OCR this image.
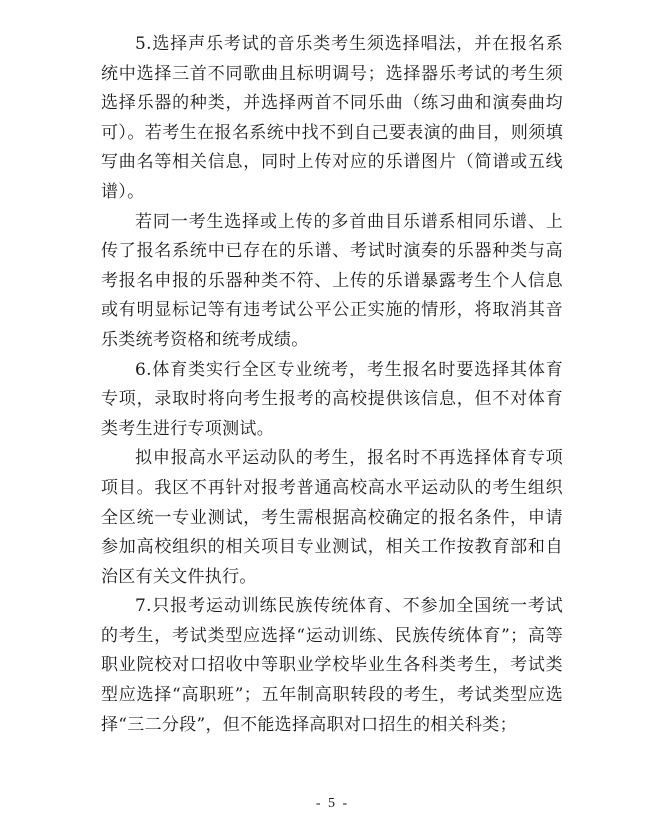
5.选择声乐考试的音乐类考生须选择唱法，并在报名系统中选择三首不同歌曲且标明调号；选择器乐考试的考生须选择乐器的种类，并选择两首不同乐曲（练习曲和演奏曲均可）。若考生在报名系统中找不到自己要表演的曲目，则须填写曲名等相关信息，同时上传对应的乐谱图片（简谱或五线谱）。

若同一考生选择或上传的多首曲目乐谱系相同乐谱、上传了报名系统中已存在的乐谱、考试时演奏的乐器种类与高考报名申报的乐器种类不符、上传的乐谱暴露考生个人信息或有明显标记等有违考试公平公正实施的情形，将取消其音乐类统考资格和统考成绩。

6.体育类实行全区专业统考，考生报名时要选择其体育专项，录取时将向考生报考的高校提供该信息，但不对体育类考生进行专项测试。

拟申报高水平运动队的考生，报名时不再选择体育专项项目。我区不再针对报考普通高校高水平运动队的考生组织全区统一专业测试，考生需根据高校确定的报名条件，申请参加高校组织的相关项目专业测试，相关工作按教育部和自治区有关文件执行。

7.只报考运动训练民族传统体育、不参加全国统一考试的考生，考试类型应选择“运动训练、民族传统体育”；高等职业院校对口招收中等职业学校毕业生各科类考生，考试类型应选择“高职班”；五年制高职转段的考生，考试类型应选择“三二分段”，但不能选择高职对口招生的相关科类；

- 5 -
